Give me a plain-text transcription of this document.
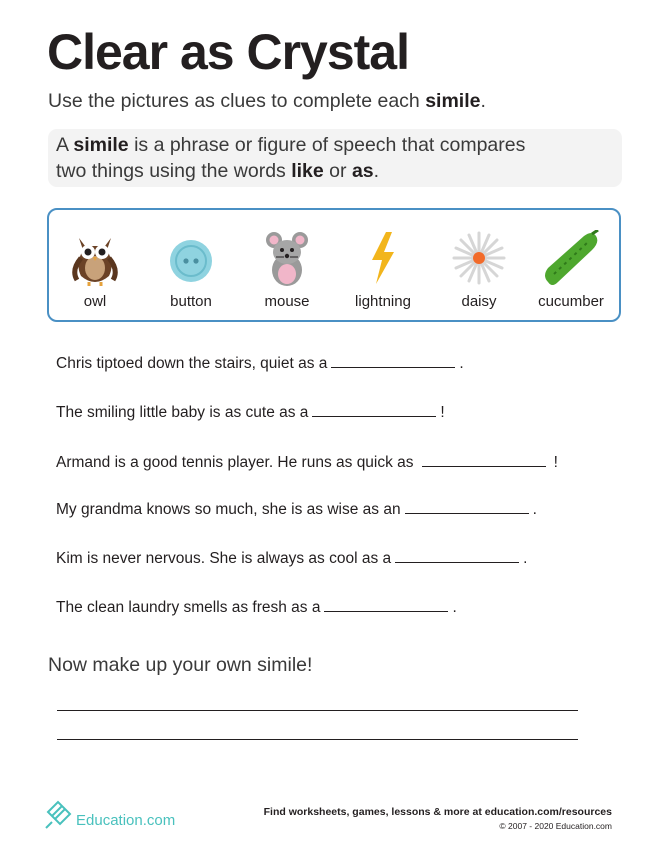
Clear as Crystal

Use the pictures as clues to complete each simile.

A simile is a phrase or figure of speech that compares
two things using the words like or as.

owl	button	mouse	lightning	daisy	cucumber
Chris tiptoed down the stairs, quiet as a	.
The smiling little baby is as cute as a	!
Armand is a good tennis player. He runs as quick as	!
My grandma knows so much, she is as wise as an	.
Kim is never nervous. She is always as cool as a	.
The clean laundry smells as fresh as a	.

Now make up your own simile!

Education.com	Find worksheets, games, lessons & more at education.com/resources
© 2007 - 2020 Education.com
